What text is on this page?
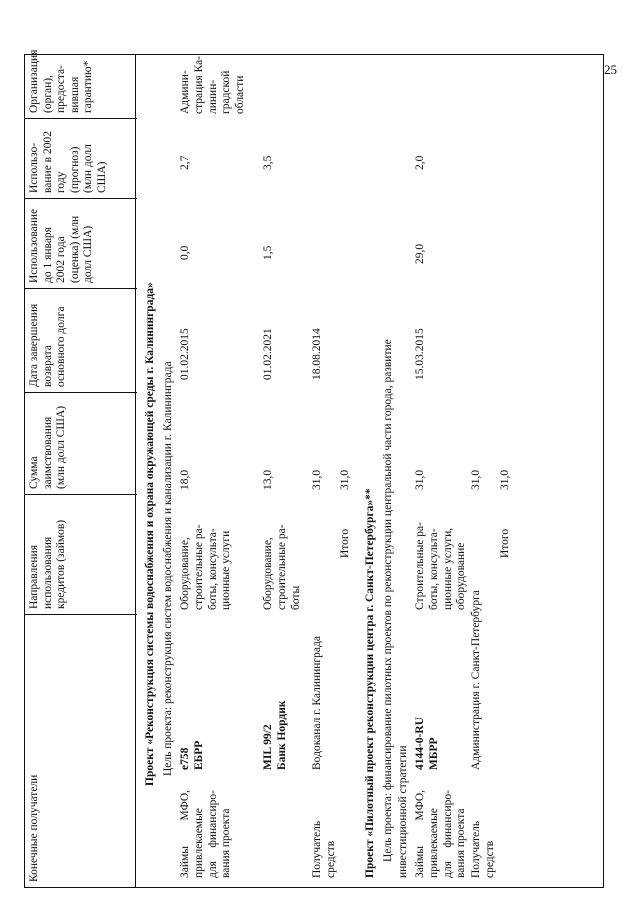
25
Конечные получатели
Направления использования кредитов (займов)
Сумма заимствования (млн долл США)
Дата завершения возврата основного долга
Использование до 1 января 2002 года (оценка) (млн долл США)
Использо-вание в 2002 году (прогноз) (млн долл США)
Организация (орган), предоста-вившая гарантию*
Проект «Реконструкция системы водоснабжения и охрана окружающей среды г. Калининграда» Цель проекта: реконструкция систем водоснабжения и канализации г. Калининграда
Займы
МФО,
привлекаемые для
финансиро- вания проекта
е758 ЕБРР
Оборудование, строительные ра- боты, консульта- ционные услуги
18,0
01.02.2015
0,0
2,7
Админи- страция Ка- линин- градской области
МІL 99/2 Банк Нордик
Оборудование, строительные ра- боты
13,0
01.02.2021
1,5
3,5
Получатель средств
Водоканал г. Калининграда
31,0
18.08.2014
Итого
31,0
Проект «Пилотный проект реконструкции центра г. Санкт-Петербурга»** Цель проекта: финансирование пилотных проектов по реконструкции центральной части города, развитие инвестиционной стратегии Займы
МФО,
привлекаемые для
финансиро- вания проекта
4144-0-RU МБРР
Строительные ра- боты, консульта- ционные услуги, оборудование
31,0
15.03.2015
29,0
2,0
Получатель средств
Администрация г. Санкт-Петербурга
31,0
Итого
31,0
